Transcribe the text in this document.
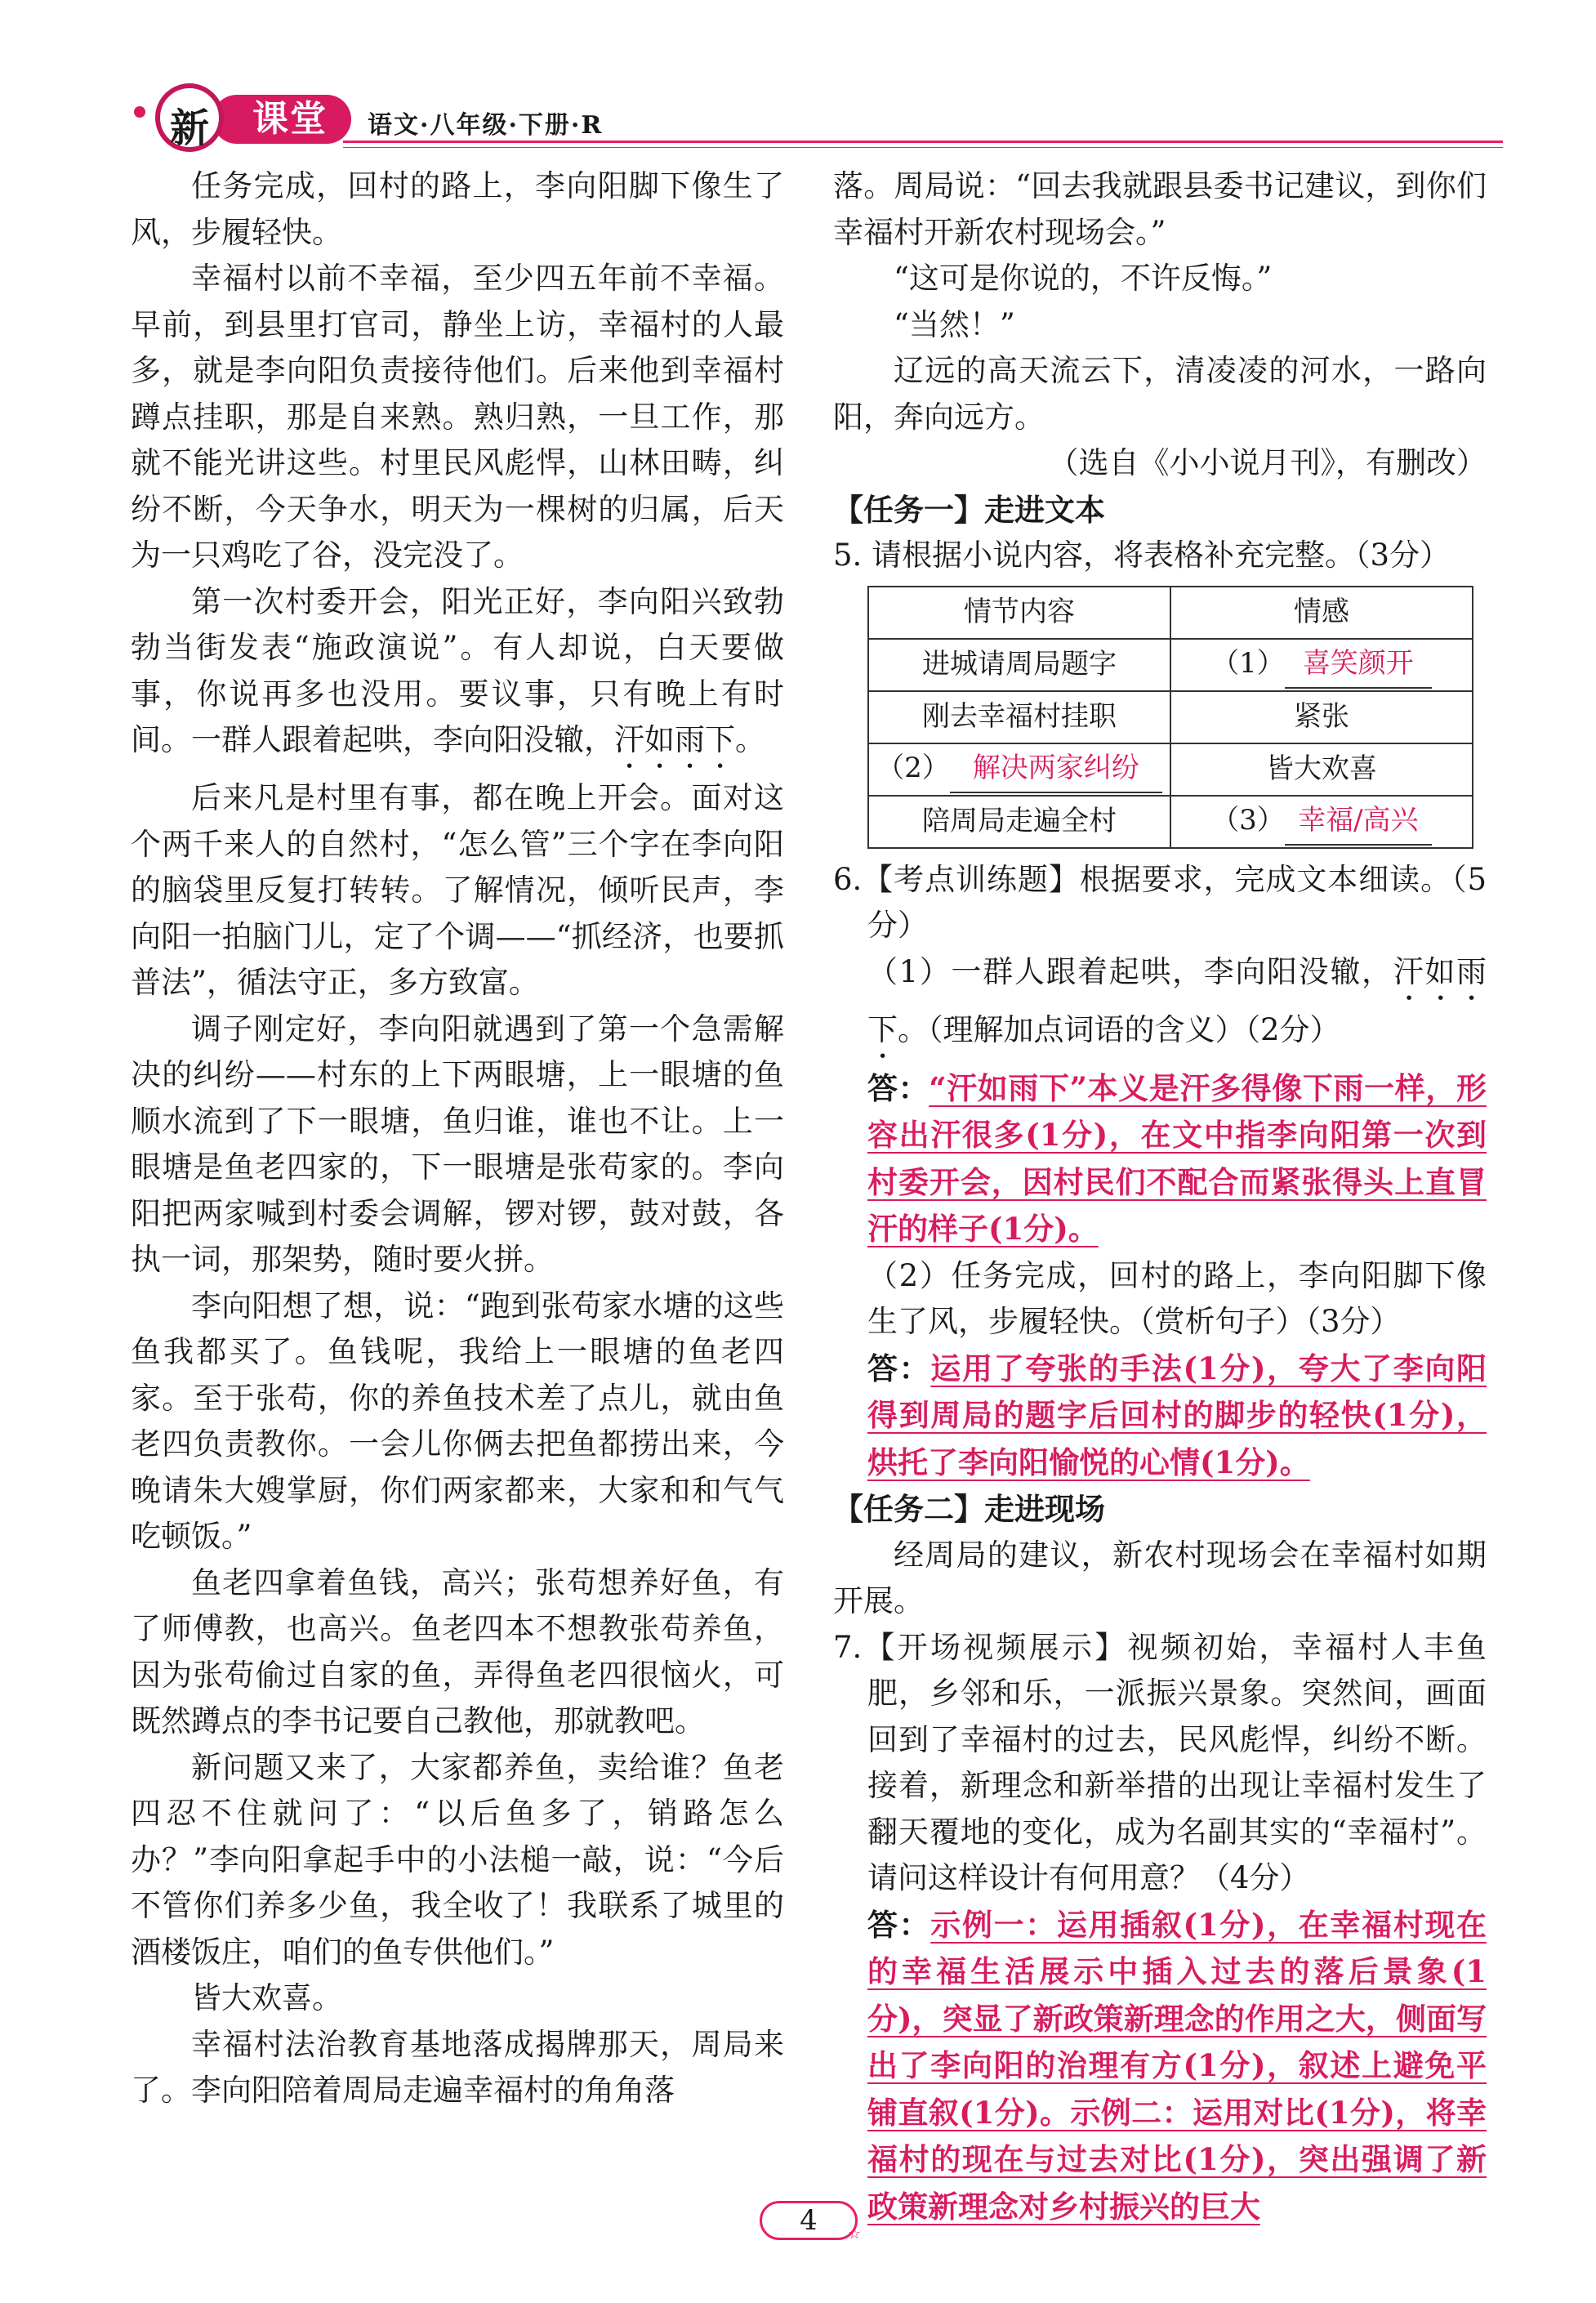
课堂
新	语文·八年级·下册·R

任务完成，回村的路上，李向阳脚下像生了风，步履轻快。

幸福村以前不幸福，至少四五年前不幸福。早前，到县里打官司，静坐上访，幸福村的人最多，就是李向阳负责接待他们。后来他到幸福村蹲点挂职，那是自来熟。熟归熟，一旦工作，那就不能光讲这些。村里民风彪悍，山林田畴，纠纷不断，今天争水，明天为一棵树的归属，后天为一只鸡吃了谷，没完没了。

第一次村委开会，阳光正好，李向阳兴致勃勃当街发表“施政演说”。有人却说，白天要做事，你说再多也没用。要议事，只有晚上有时间。一群人跟着起哄，李向阳没辙，汗如雨下。

后来凡是村里有事，都在晚上开会。面对这个两千来人的自然村，“怎么管”三个字在李向阳的脑袋里反复打转转。了解情况，倾听民声，李向阳一拍脑门儿，定了个调——“抓经济，也要抓普法”，循法守正，多方致富。

调子刚定好，李向阳就遇到了第一个急需解决的纠纷——村东的上下两眼塘，上一眼塘的鱼顺水流到了下一眼塘，鱼归谁，谁也不让。上一眼塘是鱼老四家的，下一眼塘是张苟家的。李向阳把两家喊到村委会调解，锣对锣，鼓对鼓，各执一词，那架势，随时要火拼。

李向阳想了想，说：“跑到张苟家水塘的这些鱼我都买了。鱼钱呢，我给上一眼塘的鱼老四家。至于张苟，你的养鱼技术差了点儿，就由鱼老四负责教你。一会儿你俩去把鱼都捞出来，今晚请朱大嫂掌厨，你们两家都来，大家和和气气吃顿饭。”

鱼老四拿着鱼钱，高兴；张苟想养好鱼，有了师傅教，也高兴。鱼老四本不想教张苟养鱼，因为张苟偷过自家的鱼，弄得鱼老四很恼火，可既然蹲点的李书记要自己教他，那就教吧。

新问题又来了，大家都养鱼，卖给谁？鱼老四忍不住就问了：“以后鱼多了，销路怎么办？”李向阳拿起手中的小法槌一敲，说：“今后不管你们养多少鱼，我全收了！我联系了城里的酒楼饭庄，咱们的鱼专供他们。”

皆大欢喜。

幸福村法治教育基地落成揭牌那天，周局来了。李向阳陪着周局走遍幸福村的角角落

落。周局说：“回去我就跟县委书记建议，到你们幸福村开新农村现场会。”

“这可是你说的，不许反悔。”

“当然！”

辽远的高天流云下，清凌凌的河水，一路向阳，奔向远方。

（选自《小小说月刊》，有删改）

【任务一】走进文本

5. 请根据小说内容，将表格补充完整。（3分）

情节内容	情感
进城请周局题字	（1） 喜笑颜开
刚去幸福村挂职	紧张
（2） 解决两家纠纷	皆大欢喜
陪周局走遍全村	（3） 幸福/高兴

6.【考点训练题】根据要求，完成文本细读。（5分）

（1）一群人跟着起哄，李向阳没辙，汗如雨下。（理解加点词语的含义）（2分）

答：“汗如雨下”本义是汗多得像下雨一样，形容出汗很多(1分)，在文中指李向阳第一次到村委开会，因村民们不配合而紧张得头上直冒汗的样子(1分)。

（2）任务完成，回村的路上，李向阳脚下像生了风，步履轻快。（赏析句子）（3分）

答：运用了夸张的手法(1分)，夸大了李向阳得到周局的题字后回村的脚步的轻快(1分)，烘托了李向阳愉悦的心情(1分)。

【任务二】走进现场

经周局的建议，新农村现场会在幸福村如期开展。

7.【开场视频展示】视频初始，幸福村人丰鱼肥，乡邻和乐，一派振兴景象。突然间，画面回到了幸福村的过去，民风彪悍，纠纷不断。接着，新理念和新举措的出现让幸福村发生了翻天覆地的变化，成为名副其实的“幸福村”。请问这样设计有何用意？（4分）

答：示例一：运用插叙(1分)，在幸福村现在的幸福生活展示中插入过去的落后景象(1分)，突显了新政策新理念的作用之大，侧面写出了李向阳的治理有方(1分)，叙述上避免平铺直叙(1分)。示例二：运用对比(1分)，将幸福村的现在与过去对比(1分)，突出强调了新政策新理念对乡村振兴的巨大

4	☆
